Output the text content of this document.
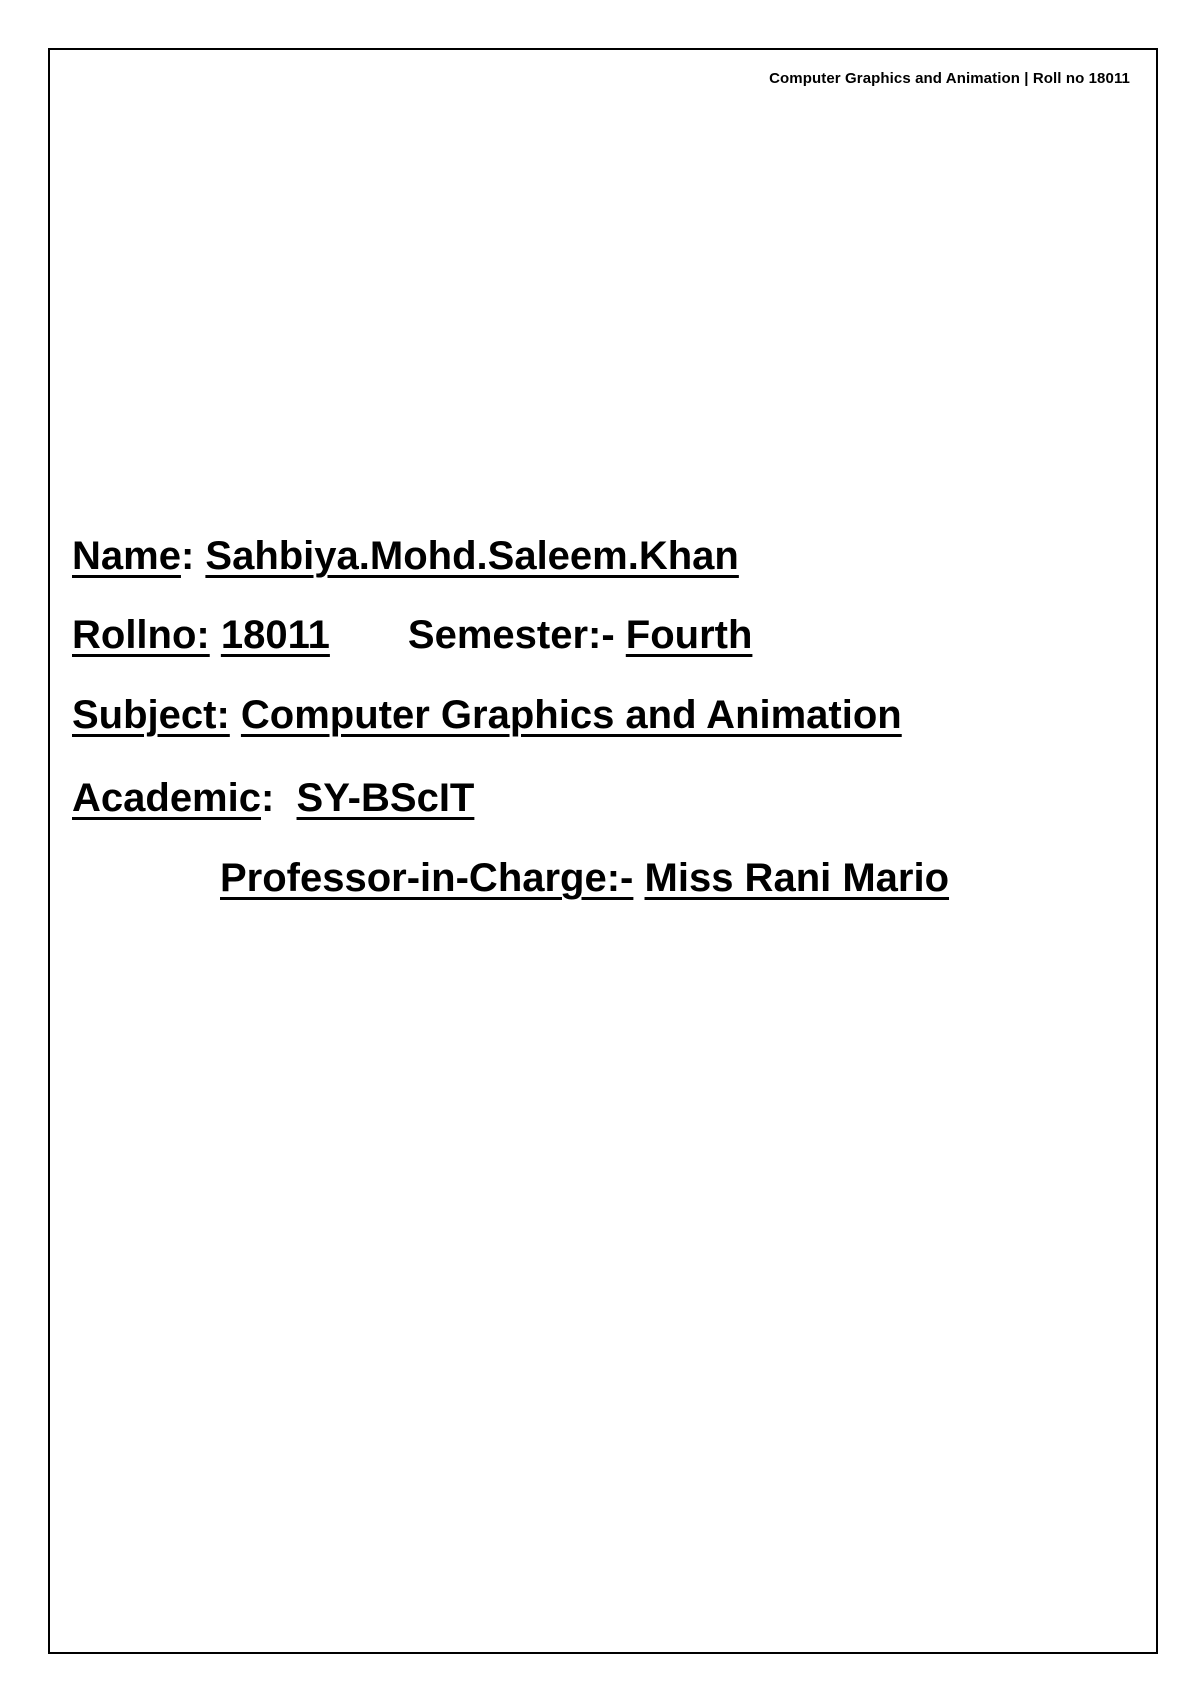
Computer Graphics and Animation | Roll no 18011
Name: Sahbiya.Mohd.Saleem.Khan
Rollno: 18011 Semester:- Fourth
Subject: Computer Graphics and Animation
Academic:  SY-BScIT
Professor-in-Charge:- Miss Rani Mario
